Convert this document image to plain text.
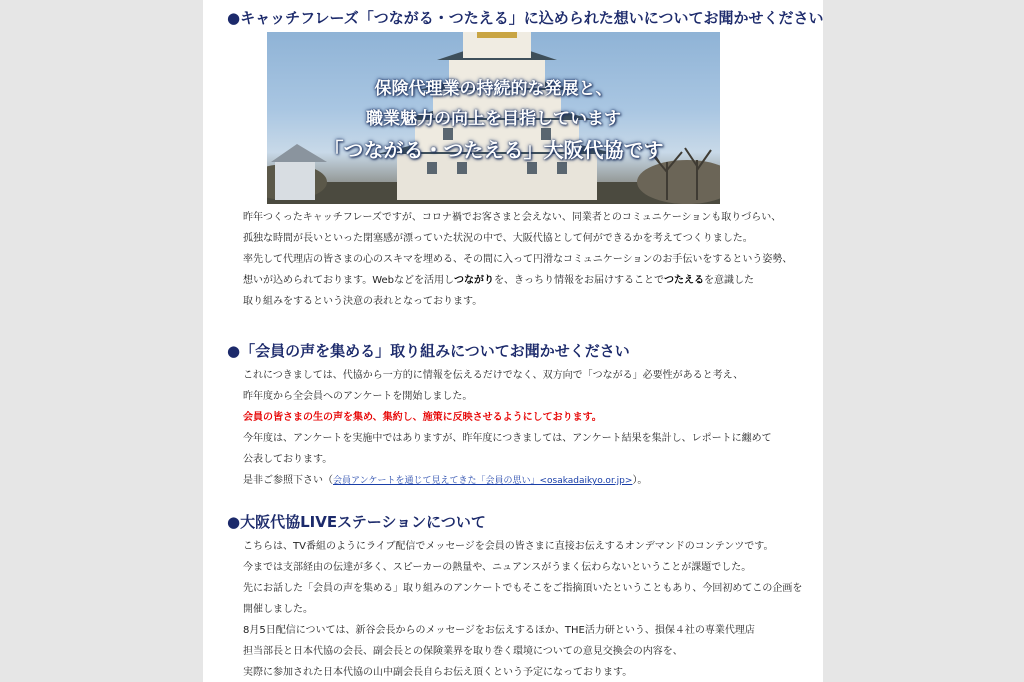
●キャッチフレーズ「つながる・つたえる」に込められた想いについてお聞かせください
保険代理業の持続的な発展と、
職業魅力の向上を目指しています
「つながる・つたえる」大阪代協です

昨年つくったキャッチフレーズですが、コロナ禍でお客さまと会えない、同業者とのコミュニケーションも取りづらい、

孤独な時間が長いといった閉塞感が漂っていた状況の中で、大阪代協として何ができるかを考えてつくりました。

率先して代理店の皆さまの心のスキマを埋める、その間に入って円滑なコミュニケーションのお手伝いをするという姿勢、

想いが込められております。Webなどを活用しつながりを、きっちり情報をお届けすることでつたえるを意識した

取り組みをするという決意の表れとなっております。

●「会員の声を集める」取り組みについてお聞かせください

これにつきましては、代協から一方的に情報を伝えるだけでなく、双方向で「つながる」必要性があると考え、

昨年度から全会員へのアンケートを開始しました。

会員の皆さまの生の声を集め、集約し、施策に反映させるようにしております。

今年度は、アンケートを実施中ではありますが、昨年度につきましては、アンケート結果を集計し、レポートに纏めて

公表しております。

是非ご参照下さい（会員アンケートを通じて見えてきた「会員の思い」<osakadaikyo.or.jp>）。

●大阪代協LIVEステーションについて

こちらは、TV番組のようにライブ配信でメッセージを会員の皆さまに直接お伝えするオンデマンドのコンテンツです。

今までは支部経由の伝達が多く、スピーカーの熱量や、ニュアンスがうまく伝わらないということが課題でした。

先にお話した「会員の声を集める」取り組みのアンケートでもそこをご指摘頂いたということもあり、今回初めてこの企画を

開催しました。

8月5日配信については、新谷会長からのメッセージをお伝えするほか、THE活力研という、損保４社の専業代理店

担当部長と日本代協の会長、副会長との保険業界を取り巻く環境についての意見交換会の内容を、

実際に参加された日本代協の山中副会長自らお伝え頂くという予定になっております。
